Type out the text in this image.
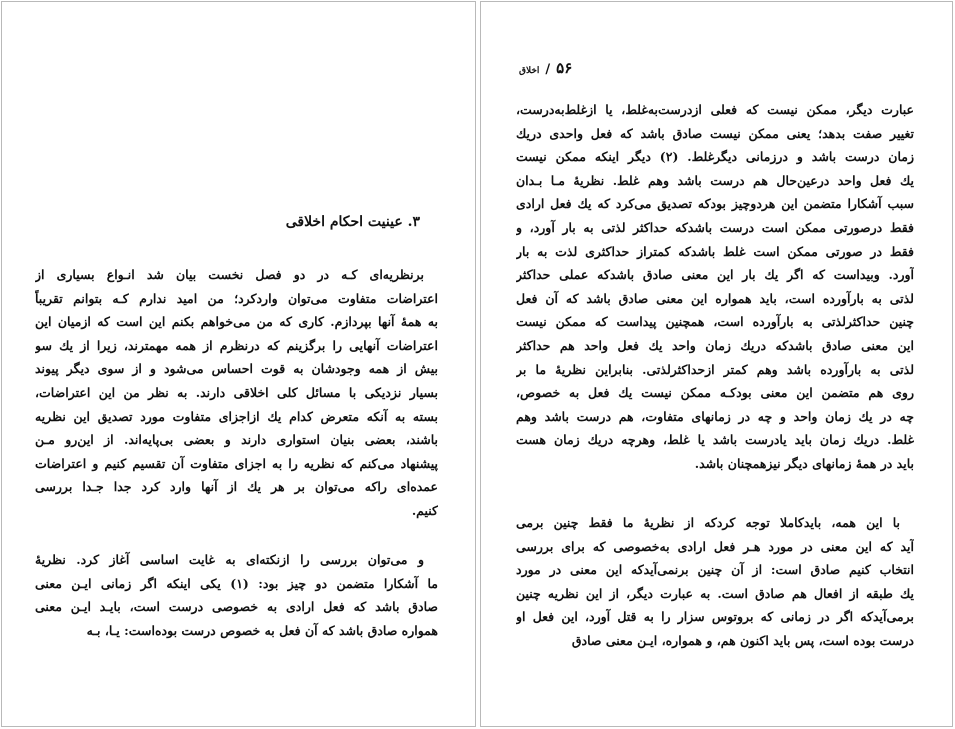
۳. عینیت احکام اخلاقی
برنظریه‌ای کـه در دو فصل نخست بیان شد انـواع بسیاری از
اعتراضات متفاوت می‌توان واردکرد؛ من امید ندارم کـه بتوانم تقریباً
به همهٔ آنها بپردازم. کاری که من می‌خواهم بکنم این است که ازمیان این
اعتراضات آنهایی را برگزینم که درنظرم از همه مهمترند، زیرا از یك سو
بیش از همه وجودشان به قوت احساس می‌شود و از سوی دیگر پیوند
بسیار نزدیکی با مسائل کلی اخلاقی دارند. به نظر من این اعتراضات،
بسته به آنکه متعرض کدام یك ازاجزای متفاوت مورد تصدیق این نظریه
باشند، بعضی بنیان استواری دارند و بعضی بی‌پایه‌اند. از این‌رو مـن
پیشنهاد می‌کنم که نظریه را به اجزای متفاوت آن تقسیم کنیم و اعتراضات
عمده‌ای راکه می‌توان بر هر یك از آنها وارد کرد جدا جـدا بررسی
کنیم.
و می‌توان بررسی را ازنکته‌ای به غایت اساسی آغاز کرد. نظریهٔ
ما آشکارا متضمن دو چیز بود: (۱) یکی اینکه اگر زمانی ایـن معنی
صادق باشد که فعل ارادی به خصوصی درست است، بایـد ایـن معنی
همواره صادق باشد که آن فعل به خصوص درست بوده‌است: یـا، بـه
اخلاق / ۵۶
عبارت دیگر، ممکن نیست که فعلی ازدرست‌به‌غلط، یا ازغلط‌به‌درست،
تغییر صفت بدهد؛ یعنی ممکن نیست صادق باشد که فعل واحدی دریك
زمان درست باشد و درزمانی دیگرغلط. (۲) دیگر اینکه ممکن نیست
یك فعل واحد درعین‌حال هم درست باشد وهم غلط. نظریهٔ مـا بـدان
سبب آشکارا متضمن این هردوچیز بودکه تصدیق می‌کرد که یك فعل ارادی
فقط درصورتی ممکن است درست باشدکه حداکثر لذتی به بار آورد، و
فقط در صورتی ممکن است غلط باشدکه کمتراز حداکثری لذت به بار
آورد. وبیداست که اگر یك بار این معنی صادق باشدکه عملی حداکثر
لذتی به بارآورده است، باید همواره این معنی صادق باشد که آن فعل
چنین حداکثرلذتی به بارآورده است، همچنین پیداست که ممکن نیست
این معنی صادق باشدکه دریك زمان واحد یك فعل واحد هم حداکثر
لذتی به بارآورده باشد وهم کمتر ازحداکثرلذتی. بنابراین نظریهٔ ما بر
روی هم متضمن این معنی بودکـه ممکن نیست یك فعل به خصوص،
چه در یك زمان واحد و چه در زمانهای متفاوت، هم درست باشد وهم
غلط. دریك زمان باید یادرست باشد یا غلط، وهرچه دریك زمان هست
باید در همهٔ زمانهای دیگر نیزهمچنان باشد.
با این همه، بایدکاملا توجه کردکه از نظریهٔ ما فقط چنین برمی‌
آید که این معنی در مورد هـر فعل ارادی به‌خصوصی که برای بررسی
انتخاب کنیم صادق است: از آن چنین برنمی‌آیدکه این معنی در مورد
یك طبقه از افعال هم صادق است. به عبارت دیگر، از این نظریه چنین
برمی‌آیدکه اگر در زمانی که بروتوس سزار را به قتل آورد، این فعل او
درست بوده است، پس باید اکنون هم، و همواره، ایـن معنی صادق
